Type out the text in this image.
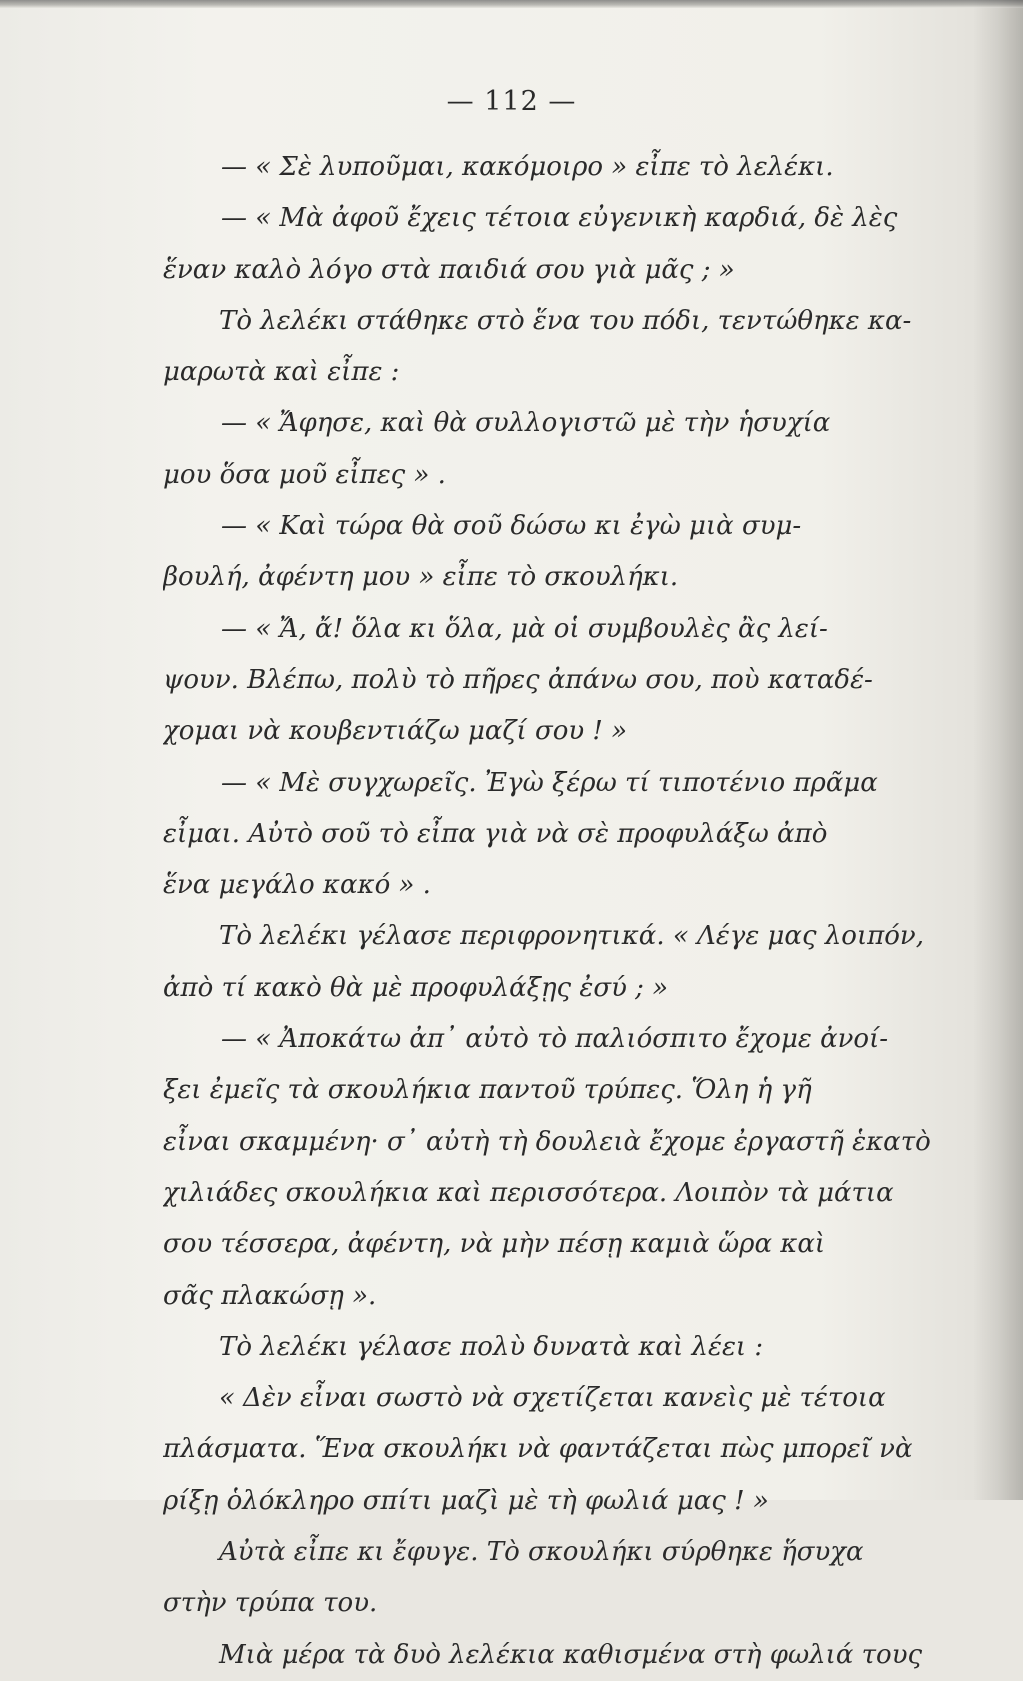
— 112 —
— « Σὲ λυποῦμαι, κακόμοιρο » εἶπε τὸ λελέκι.
— « Μὰ ἀφοῦ ἔχεις τέτοια εὐγενικὴ καρδιά, δὲ λὲς
ἕναν καλὸ λόγο στὰ παιδιά σου γιὰ μᾶς ; »
Τὸ λελέκι στάθηκε στὸ ἕνα του πόδι, τεντώθηκε κα-
μαρωτὰ καὶ εἶπε :
— « Ἄφησε, καὶ θὰ συλλογιστῶ μὲ τὴν ἡσυχία
μου ὅσα μοῦ εἶπες » .
— « Καὶ τώρα θὰ σοῦ δώσω κι ἐγὼ μιὰ συμ-
βουλή, ἀφέντη μου » εἶπε τὸ σκουλήκι.
— « Ἄ, ἄ! ὅλα κι ὅλα, μὰ οἱ συμβουλὲς ἂς λεί-
ψουν. Βλέπω, πολὺ τὸ πῆρες ἀπάνω σου, ποὺ καταδέ-
χομαι νὰ κουβεντιάζω μαζί σου ! »
— « Μὲ συγχωρεῖς. Ἐγὼ ξέρω τί τιποτένιο πρᾶμα
εἶμαι. Αὐτὸ σοῦ τὸ εἶπα γιὰ νὰ σὲ προφυλάξω ἀπὸ
ἕνα μεγάλο κακό » .
Τὸ λελέκι γέλασε περιφρονητικά. « Λέγε μας λοιπόν,
ἀπὸ τί κακὸ θὰ μὲ προφυλάξῃς ἐσύ ; »
— « Ἀποκάτω ἀπ᾽ αὐτὸ τὸ παλιόσπιτο ἔχομε ἀνοί-
ξει ἐμεῖς τὰ σκουλήκια παντοῦ τρύπες. Ὅλη ἡ γῆ
εἶναι σκαμμένη· σ᾽ αὐτὴ τὴ δουλειὰ ἔχομε ἐργαστῆ ἑκατὸ
χιλιάδες σκουλήκια καὶ περισσότερα. Λοιπὸν τὰ μάτια
σου τέσσερα, ἀφέντη, νὰ μὴν πέσῃ καμιὰ ὥρα καὶ
σᾶς πλακώσῃ ».
Τὸ λελέκι γέλασε πολὺ δυνατὰ καὶ λέει :
« Δὲν εἶναι σωστὸ νὰ σχετίζεται κανεὶς μὲ τέτοια
πλάσματα. Ἕνα σκουλήκι νὰ φαντάζεται πὼς μπορεῖ νὰ
ρίξῃ ὁλόκληρο σπίτι μαζὶ μὲ τὴ φωλιά μας ! »
Αὐτὰ εἶπε κι ἔφυγε. Τὸ σκουλήκι σύρθηκε ἥσυχα
στὴν τρύπα του.
Μιὰ μέρα τὰ δυὸ λελέκια καθισμένα στὴ φωλιά τους
